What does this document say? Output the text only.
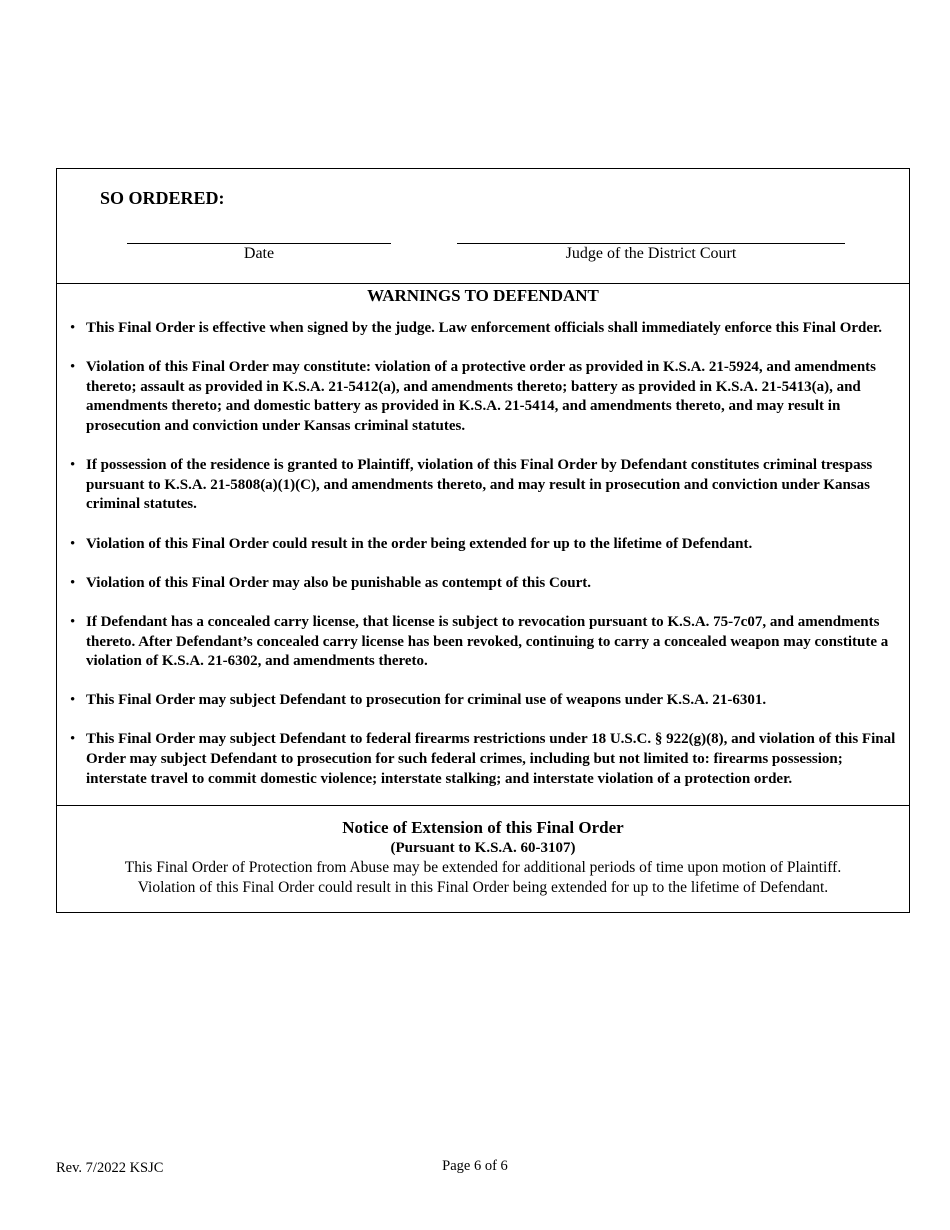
SO ORDERED:
Date	Judge of the District Court
WARNINGS TO DEFENDANT
• This Final Order is effective when signed by the judge. Law enforcement officials shall immediately enforce this Final Order.
• Violation of this Final Order may constitute: violation of a protective order as provided in K.S.A. 21-5924, and amendments thereto; assault as provided in K.S.A. 21-5412(a), and amendments thereto; battery as provided in K.S.A. 21-5413(a), and amendments thereto; and domestic battery as provided in K.S.A. 21-5414, and amendments thereto, and may result in prosecution and conviction under Kansas criminal statutes.
• If possession of the residence is granted to Plaintiff, violation of this Final Order by Defendant constitutes criminal trespass pursuant to K.S.A. 21-5808(a)(1)(C), and amendments thereto, and may result in prosecution and conviction under Kansas criminal statutes.
• Violation of this Final Order could result in the order being extended for up to the lifetime of Defendant.
• Violation of this Final Order may also be punishable as contempt of this Court.
• If Defendant has a concealed carry license, that license is subject to revocation pursuant to K.S.A. 75-7c07, and amendments thereto. After Defendant’s concealed carry license has been revoked, continuing to carry a concealed weapon may constitute a violation of K.S.A. 21-6302, and amendments thereto.
• This Final Order may subject Defendant to prosecution for criminal use of weapons under K.S.A. 21-6301.
• This Final Order may subject Defendant to federal firearms restrictions under 18 U.S.C. § 922(g)(8), and violation of this Final Order may subject Defendant to prosecution for such federal crimes, including but not limited to: firearms possession; interstate travel to commit domestic violence; interstate stalking; and interstate violation of a protection order.
Notice of Extension of this Final Order
(Pursuant to K.S.A. 60-3107)
This Final Order of Protection from Abuse may be extended for additional periods of time upon motion of Plaintiff.
Violation of this Final Order could result in this Final Order being extended for up to the lifetime of Defendant.
Rev. 7/2022 KSJC	Page 6 of 6
